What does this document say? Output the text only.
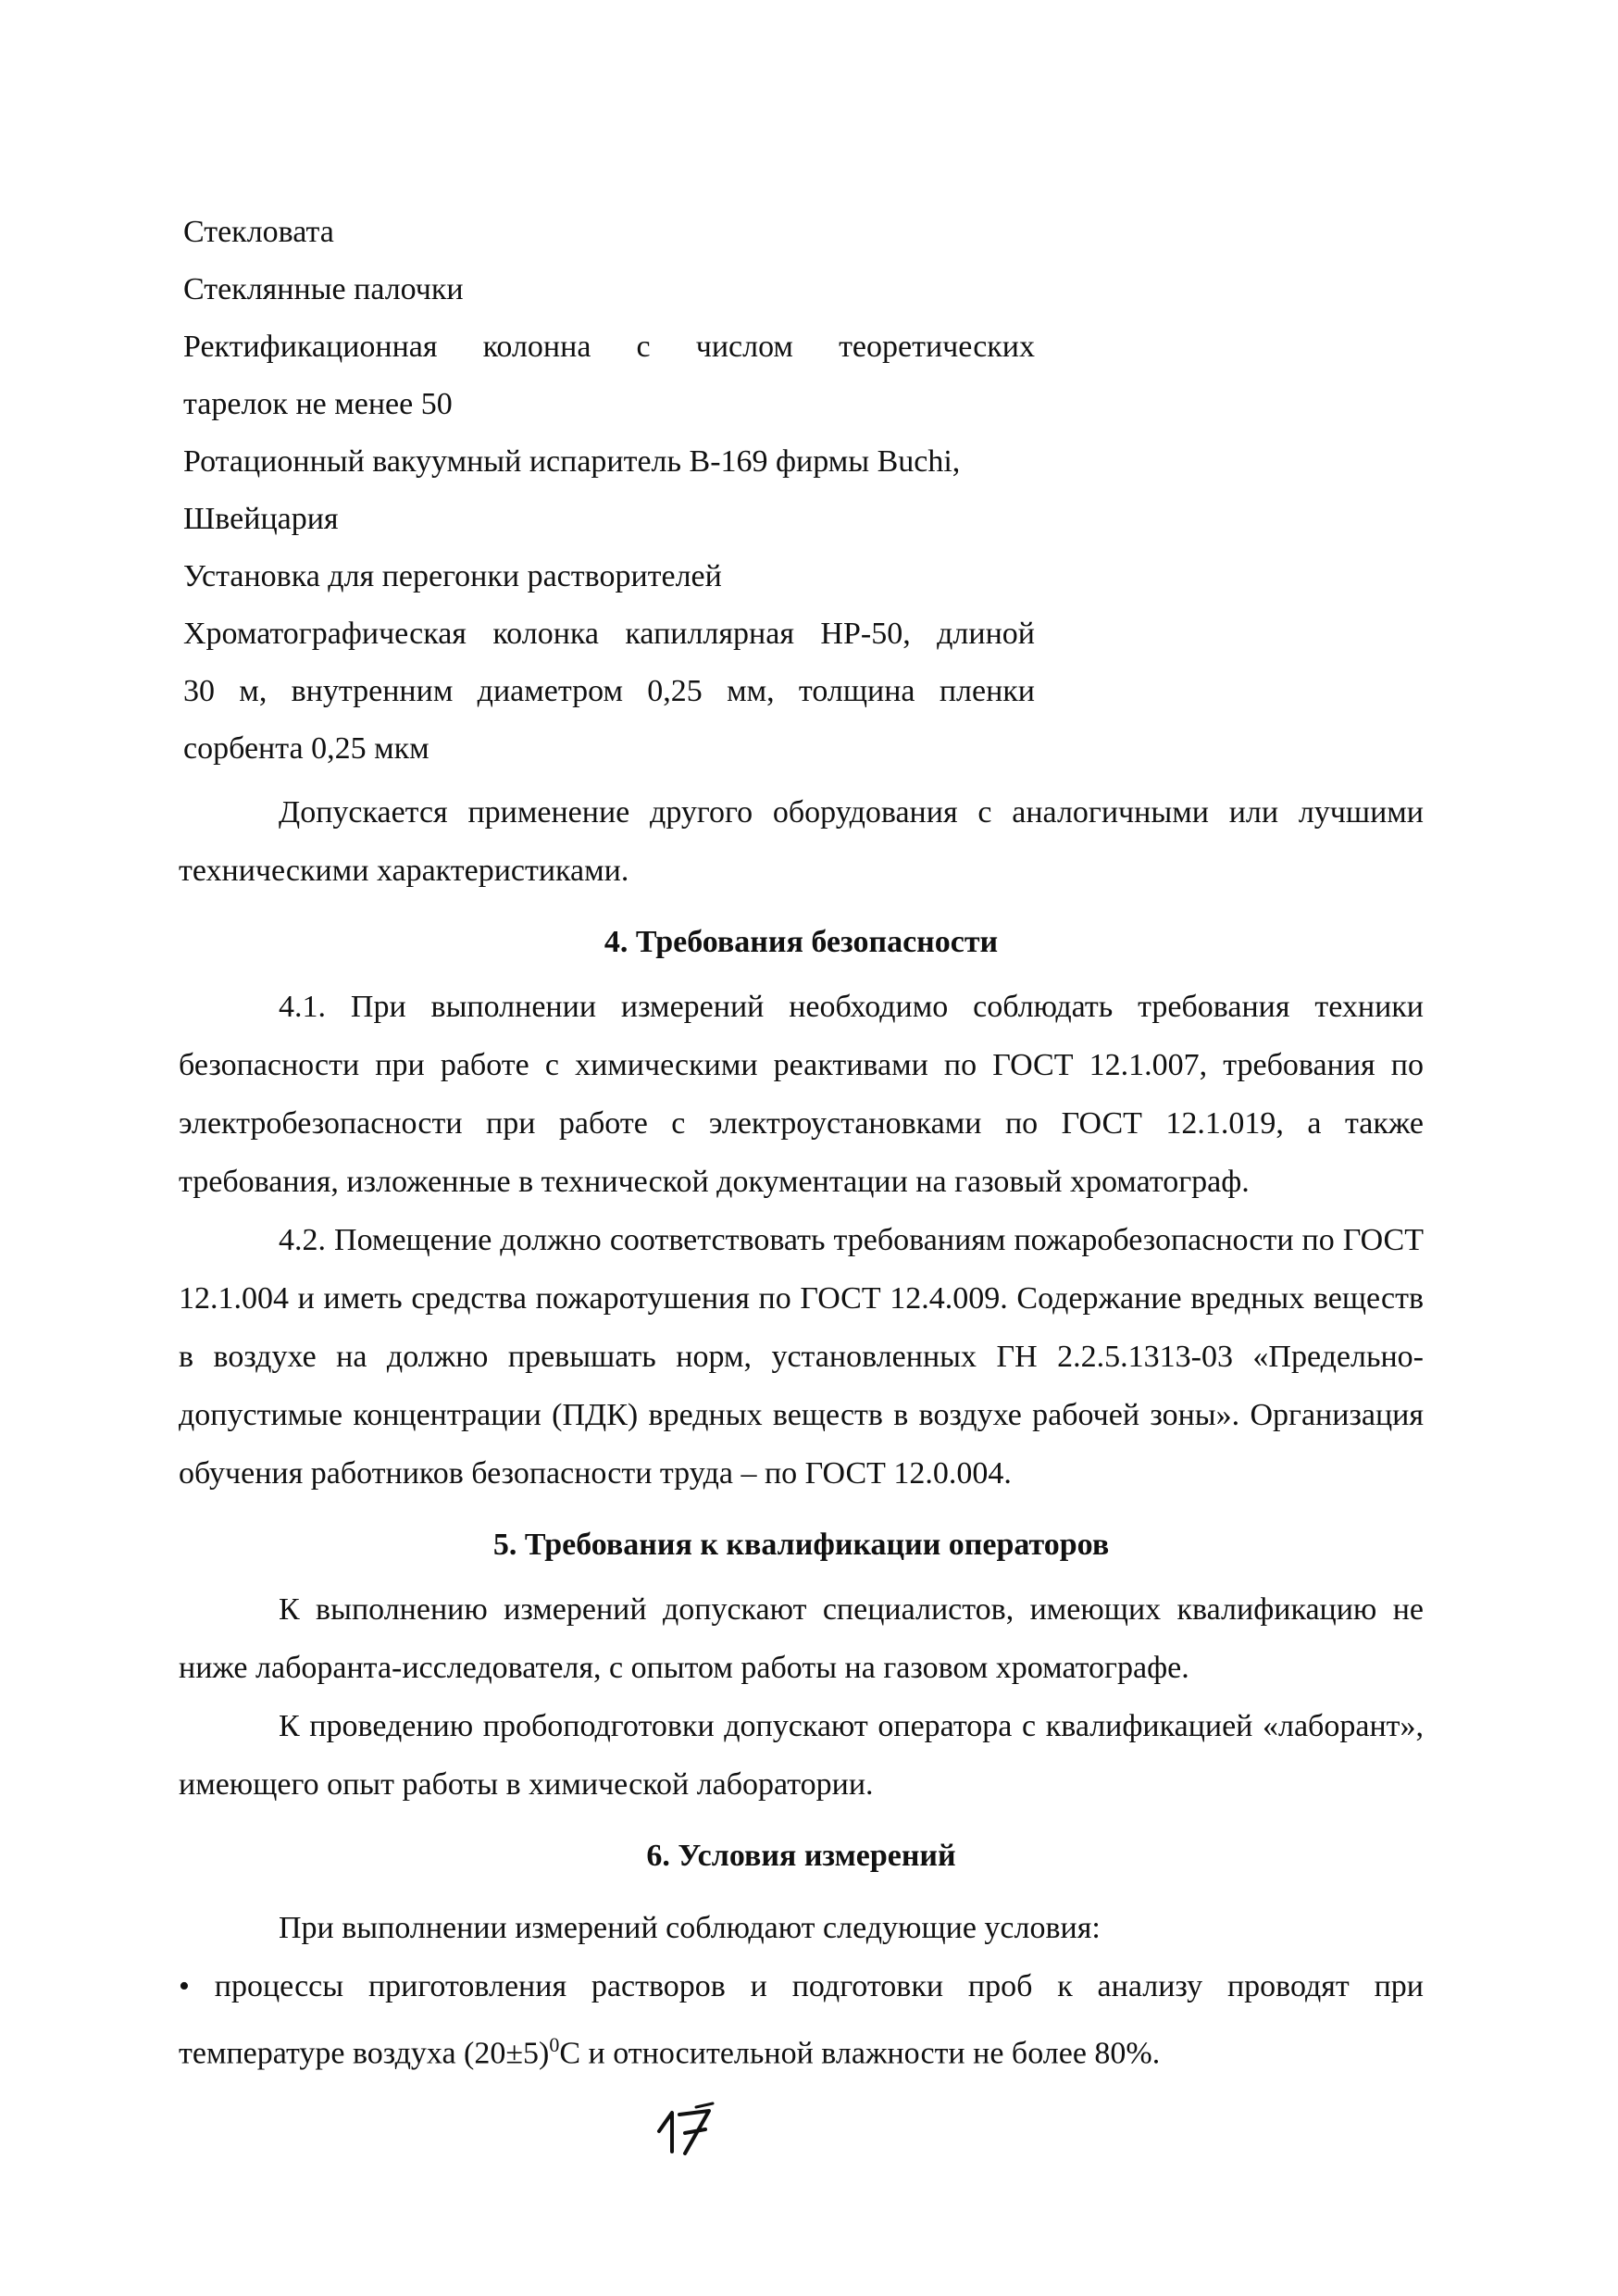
Стекловата
Стеклянные палочки
Ректификационная колонна с числом теоретических
тарелок не менее 50
Ротационный вакуумный испаритель В-169 фирмы Buchi,
Швейцария
Установка для перегонки растворителей
Хроматографическая колонка капиллярная HP-50, длиной
30 м, внутренним диаметром 0,25 мм, толщина пленки
сорбента 0,25 мкм

Допускается применение другого оборудования с аналогичными или лучшими техническими характеристиками.

4. Требования безопасности

4.1. При выполнении измерений необходимо соблюдать требования техники безопасности при работе с химическими реактивами по ГОСТ 12.1.007, требования по электробезопасности при работе с электроустановками по ГОСТ 12.1.019, а также требования, изложенные в технической документации на газовый хроматограф.

4.2. Помещение должно соответствовать требованиям пожаробезопасности по ГОСТ 12.1.004 и иметь средства пожаротушения по ГОСТ 12.4.009. Содержание вредных веществ в воздухе на должно превышать норм, установленных ГН 2.2.5.1313-03 «Предельно-допустимые концентрации (ПДК) вредных веществ в воздухе рабочей зоны». Организация обучения работников безопасности труда – по ГОСТ 12.0.004.

5. Требования к квалификации операторов

К выполнению измерений допускают специалистов, имеющих квалификацию не ниже лаборанта-исследователя, с опытом работы на газовом хроматографе.

К проведению пробоподготовки допускают оператора с квалификацией «лаборант», имеющего опыт работы в химической лаборатории.

6. Условия измерений

При выполнении измерений соблюдают следующие условия:

• процессы приготовления растворов и подготовки проб к анализу проводят при температуре воздуха $(20\pm 5)^0С$ и относительной влажности не более 80%.
